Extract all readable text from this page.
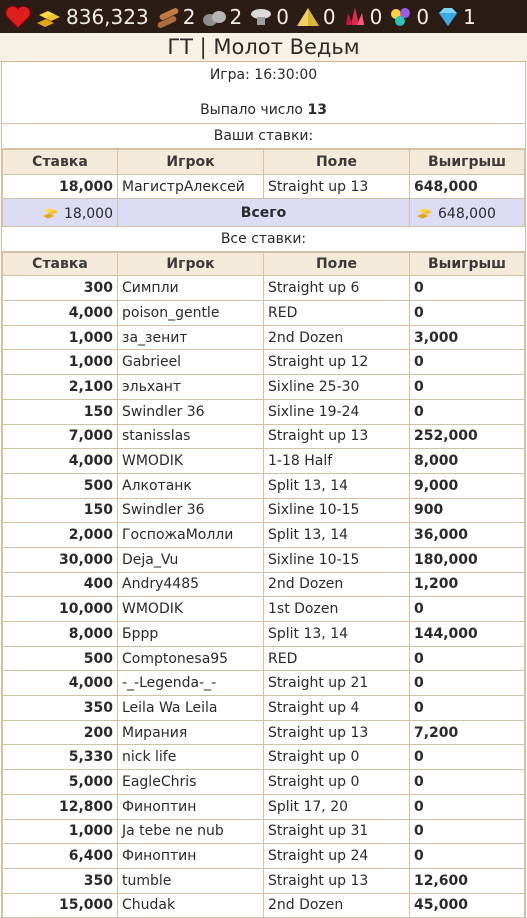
836,323 2 2 0 0 0 0 1
ГТ | Молот Ведьм
Игра: 16:30:00
Выпало число 13
Ваши ставки:
Ставка	Игрок	Поле	Выигрыш
18,000	МагистрАлексей	Straight up 13	648,000
18,000	Всего		648,000
Все ставки:
Ставка	Игрок	Поле	Выигрыш
300	Симпли	Straight up 6	0
4,000	poison_gentle	RED	0
1,000	за_зенит	2nd Dozen	3,000
1,000	Gabrieel	Straight up 12	0
2,100	эльхант	Sixline 25-30	0
150	Swindler 36	Sixline 19-24	0
7,000	stanisslas	Straight up 13	252,000
4,000	WMODIK	1-18 Half	8,000
500	Алкотанк	Split 13, 14	9,000
150	Swindler 36	Sixline 10-15	900
2,000	ГоспожаМолли	Split 13, 14	36,000
30,000	Deja_Vu	Sixline 10-15	180,000
400	Andry4485	2nd Dozen	1,200
10,000	WMODIK	1st Dozen	0
8,000	Бррр	Split 13, 14	144,000
500	Comptonesa95	RED	0
4,000	-_-Legenda-_-	Straight up 21	0
350	Leila Wa Leila	Straight up 4	0
200	Мирания	Straight up 13	7,200
5,330	nick life	Straight up 0	0
5,000	EagleChris	Straight up 0	0
12,800	Финоптин	Split 17, 20	0
1,000	Ja tebe ne nub	Straight up 31	0
6,400	Финоптин	Straight up 24	0
350	tumble	Straight up 13	12,600
15,000	Chudak	2nd Dozen	45,000
